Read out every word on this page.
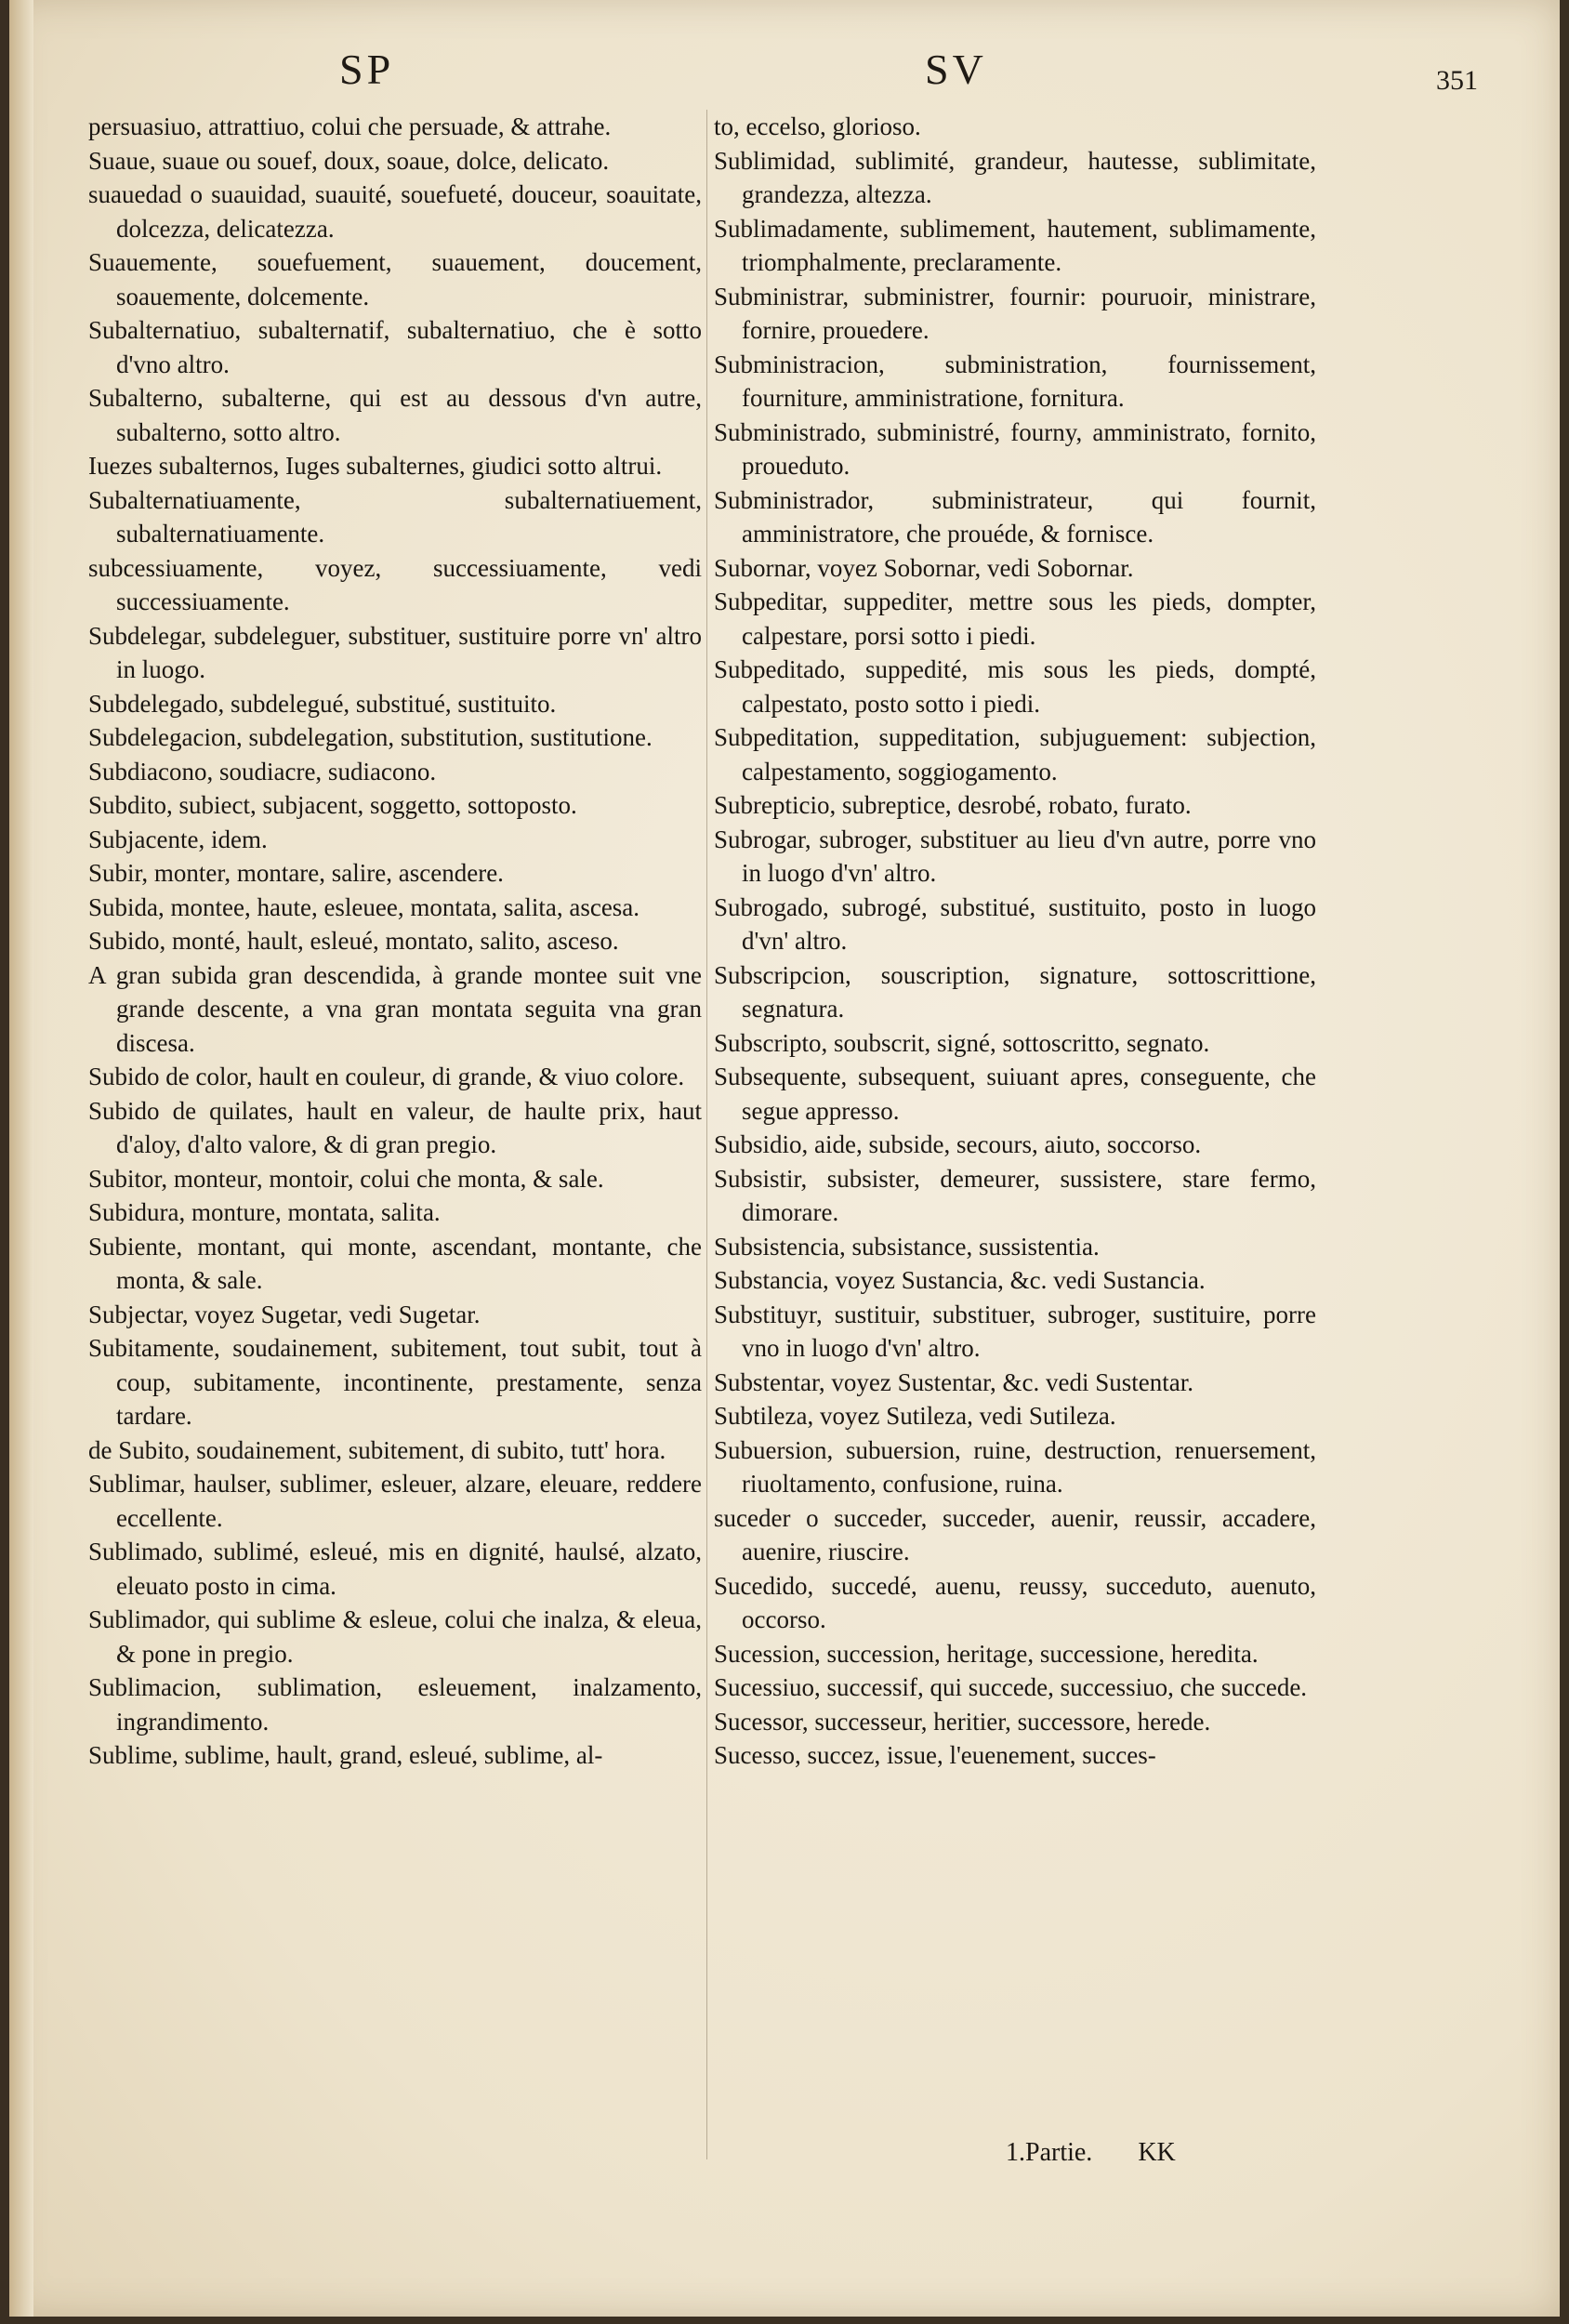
SP	SV	351
persuasiuo, attrattiuo, colui che persuade, & attrahe.
Suaue, suaue ou souef, doux, soaue, dolce, delicato.
suauedad o suauidad, suauité, souefueté, douceur, soauitate, dolcezza, delicatezza.
Suauemente, souefuement, suauement, doucement, soauemente, dolcemente.
Subalternatiuo, subalternatif, subalternatiuo, che è sotto d'vno altro.
Subalterno, subalterne, qui est au dessous d'vn autre, subalterno, sotto altro.
Iuezes subalternos, Iuges subalternes, giudici sotto altrui.
Subalternatiuamente, subalternatiuement, subalternatiuamente.
subcessiuamente, voyez, successiuamente, vedi successiuamente.
Subdelegar, subdeleguer, substituer, sustituire porre vn' altro in luogo.
Subdelegado, subdelegué, substitué, sustituito.
Subdelegacion, subdelegation, substitution, sustitutione.
Subdiacono, soudiacre, sudiacono.
Subdito, subiect, subjacent, soggetto, sottoposto.
Subjacente, idem.
Subir, monter, montare, salire, ascendere.
Subida, montee, haute, esleuee, montata, salita, ascesa.
Subido, monté, hault, esleué, montato, salito, asceso.
A gran subida gran descendida, à grande montee suit vne grande descente, a vna gran montata seguita vna gran discesa.
Subido de color, hault en couleur, di grande, & viuo colore.
Subido de quilates, hault en valeur, de haulte prix, haut d'aloy, d'alto valore, & di gran pregio.
Subitor, monteur, montoir, colui che monta, & sale.
Subidura, monture, montata, salita.
Subiente, montant, qui monte, ascendant, montante, che monta, & sale.
Subjectar, voyez Sugetar, vedi Sugetar.
Subitamente, soudainement, subitement, tout subit, tout à coup, subitamente, incontinente, prestamente, senza tardare.
de Subito, soudainement, subitement, di subito, tutt' hora.
Sublimar, haulser, sublimer, esleuer, alzare, eleuare, reddere eccellente.
Sublimado, sublimé, esleué, mis en dignité, haulsé, alzato, eleuato posto in cima.
Sublimador, qui sublime & esleue, colui che inalza, & eleua, & pone in pregio.
Sublimacion, sublimation, esleuement, inalzamento, ingrandimento.
Sublime, sublime, hault, grand, esleué, sublime, al-
to, eccelso, glorioso.
Sublimidad, sublimité, grandeur, hautesse, sublimitate, grandezza, altezza.
Sublimadamente, sublimement, hautement, sublimamente, triomphalmente, preclaramente.
Subministrar, subministrer, fournir: pouruoir, ministrare, fornire, prouedere.
Subministracion, subministration, fournissement, fourniture, amministratione, fornitura.
Subministrado, subministré, fourny, amministrato, fornito, proueduto.
Subministrador, subministrateur, qui fournit, amministratore, che prouéde, & fornisce.
Subornar, voyez Sobornar, vedi Sobornar.
Subpeditar, suppediter, mettre sous les pieds, dompter, calpestare, porsi sotto i piedi.
Subpeditado, suppedité, mis sous les pieds, dompté, calpestato, posto sotto i piedi.
Subpeditation, suppeditation, subjuguement: subjection, calpestamento, soggiogamento.
Subrepticio, subreptice, desrobé, robato, furato.
Subrogar, subroger, substituer au lieu d'vn autre, porre vno in luogo d'vn' altro.
Subrogado, subrogé, substitué, sustituito, posto in luogo d'vn' altro.
Subscripcion, souscription, signature, sottoscrittione, segnatura.
Subscripto, soubscrit, signé, sottoscritto, segnato.
Subsequente, subsequent, suiuant apres, conseguente, che segue appresso.
Subsidio, aide, subside, secours, aiuto, soccorso.
Subsistir, subsister, demeurer, sussistere, stare fermo, dimorare.
Subsistencia, subsistance, sussistentia.
Substancia, voyez Sustancia, &c. vedi Sustancia.
Substituyr, sustituir, substituer, subroger, sustituire, porre vno in luogo d'vn' altro.
Substentar, voyez Sustentar, &c. vedi Sustentar.
Subtileza, voyez Sutileza, vedi Sutileza.
Subuersion, subuersion, ruine, destruction, renuersement, riuoltamento, confusione, ruina.
suceder o succeder, succeder, auenir, reussir, accadere, auenire, riuscire.
Sucedido, succedé, auenu, reussy, succeduto, auenuto, occorso.
Sucession, succession, heritage, successione, heredita.
Sucessiuo, successif, qui succede, successiuo, che succede.
Sucessor, successeur, heritier, successore, herede.
Sucesso, succez, issue, l'euenement, succes-
1.Partie. KK
